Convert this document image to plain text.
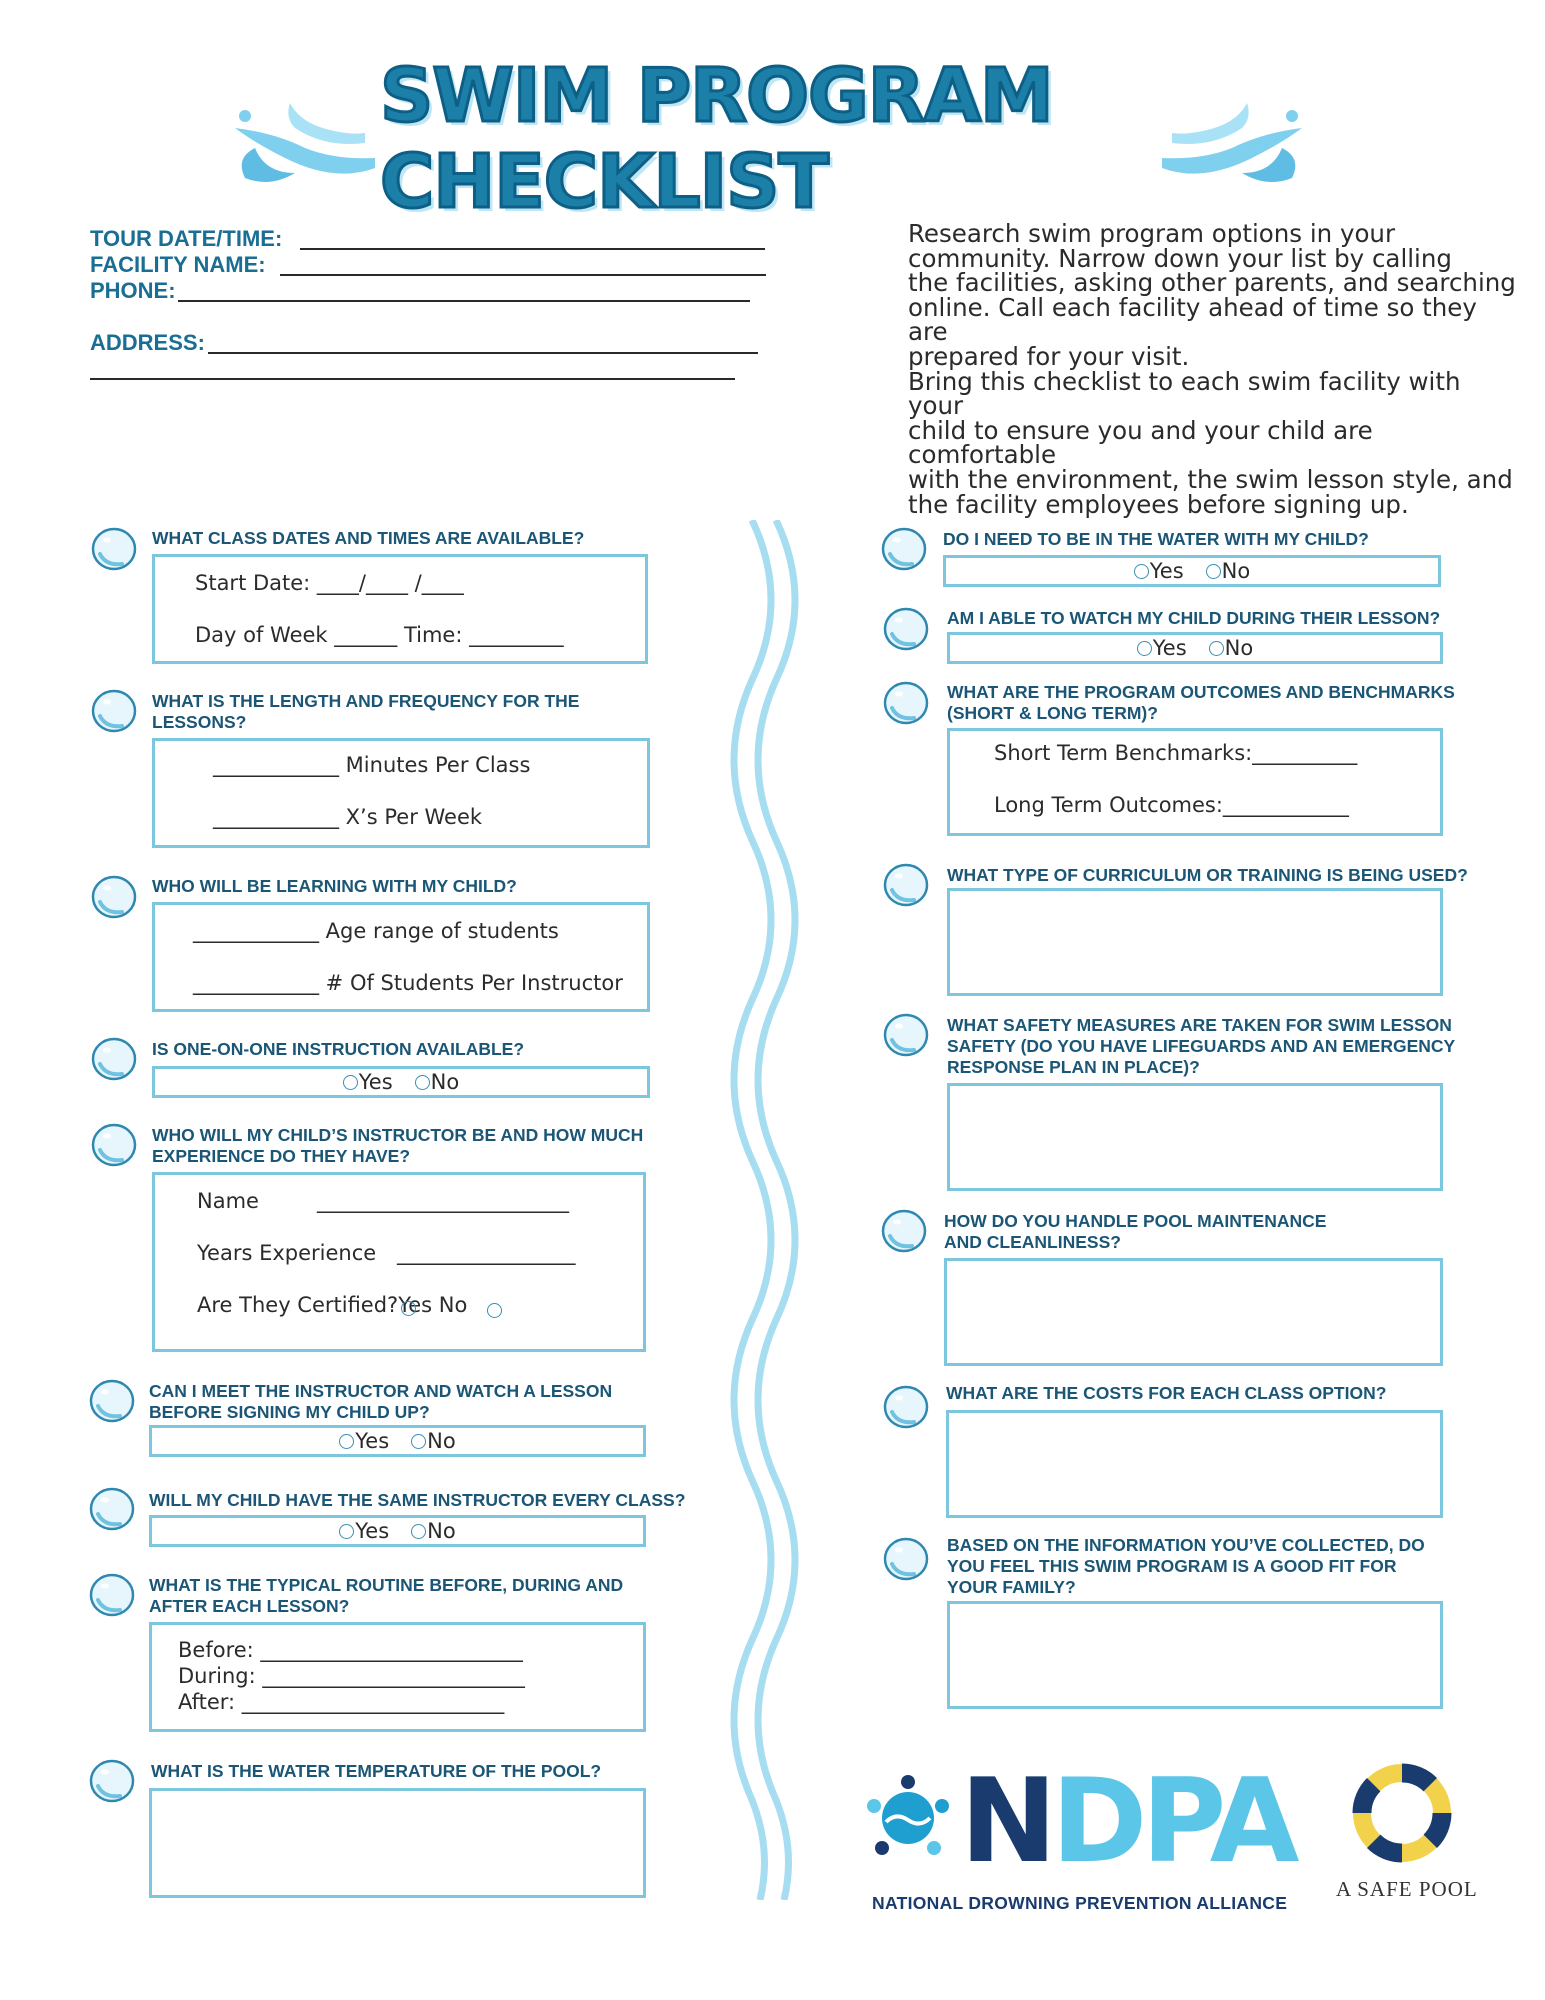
SWIM PROGRAM CHECKLIST
TOUR DATE/TIME:
FACILITY NAME:
PHONE:
ADDRESS:
Research swim program options in your
community. Narrow down your list by calling
the facilities, asking other parents, and searching
online. Call each facility ahead of time so they are
prepared for your visit.
Bring this checklist to each swim facility with your
child to ensure you and your child are comfortable
with the environment, the swim lesson style, and
the facility employees before signing up.
WHAT CLASS DATES AND TIMES ARE AVAILABLE?
Start Date: ____/____ /____
Day of Week ______ Time: _________
WHAT IS THE LENGTH AND FREQUENCY FOR THE
LESSONS?
____________ Minutes Per Class
____________ X’s Per Week
WHO WILL BE LEARNING WITH MY CHILD?
____________ Age range of students
____________ # Of Students Per Instructor
IS ONE-ON-ONE INSTRUCTION AVAILABLE?
Yes No
WHO WILL MY CHILD’S INSTRUCTOR BE AND HOW MUCH
EXPERIENCE DO THEY HAVE?
Name	________________________
Years Experience _________________
Are They Certified?Yes No
CAN I MEET THE INSTRUCTOR AND WATCH A LESSON
BEFORE SIGNING MY CHILD UP?
Yes No
WILL MY CHILD HAVE THE SAME INSTRUCTOR EVERY CLASS?
Yes No
WHAT IS THE TYPICAL ROUTINE BEFORE, DURING AND
AFTER EACH LESSON?
Before: _________________________
During: _________________________
After: _________________________
WHAT IS THE WATER TEMPERATURE OF THE POOL?
DO I NEED TO BE IN THE WATER WITH MY CHILD?
Yes No
AM I ABLE TO WATCH MY CHILD DURING THEIR LESSON?
Yes No
WHAT ARE THE PROGRAM OUTCOMES AND BENCHMARKS
(SHORT & LONG TERM)?
Short Term Benchmarks:__________
Long Term Outcomes:____________
WHAT TYPE OF CURRICULUM OR TRAINING IS BEING USED?
WHAT SAFETY MEASURES ARE TAKEN FOR SWIM LESSON
SAFETY (DO YOU HAVE LIFEGUARDS AND AN EMERGENCY
RESPONSE PLAN IN PLACE)?
HOW DO YOU HANDLE POOL MAINTENANCE
AND CLEANLINESS?
WHAT ARE THE COSTS FOR EACH CLASS OPTION?
BASED ON THE INFORMATION YOU’VE COLLECTED, DO
YOU FEEL THIS SWIM PROGRAM IS A GOOD FIT FOR
YOUR FAMILY?
NDPA
NATIONAL DROWNING PREVENTION ALLIANCE
A SAFE POOL
